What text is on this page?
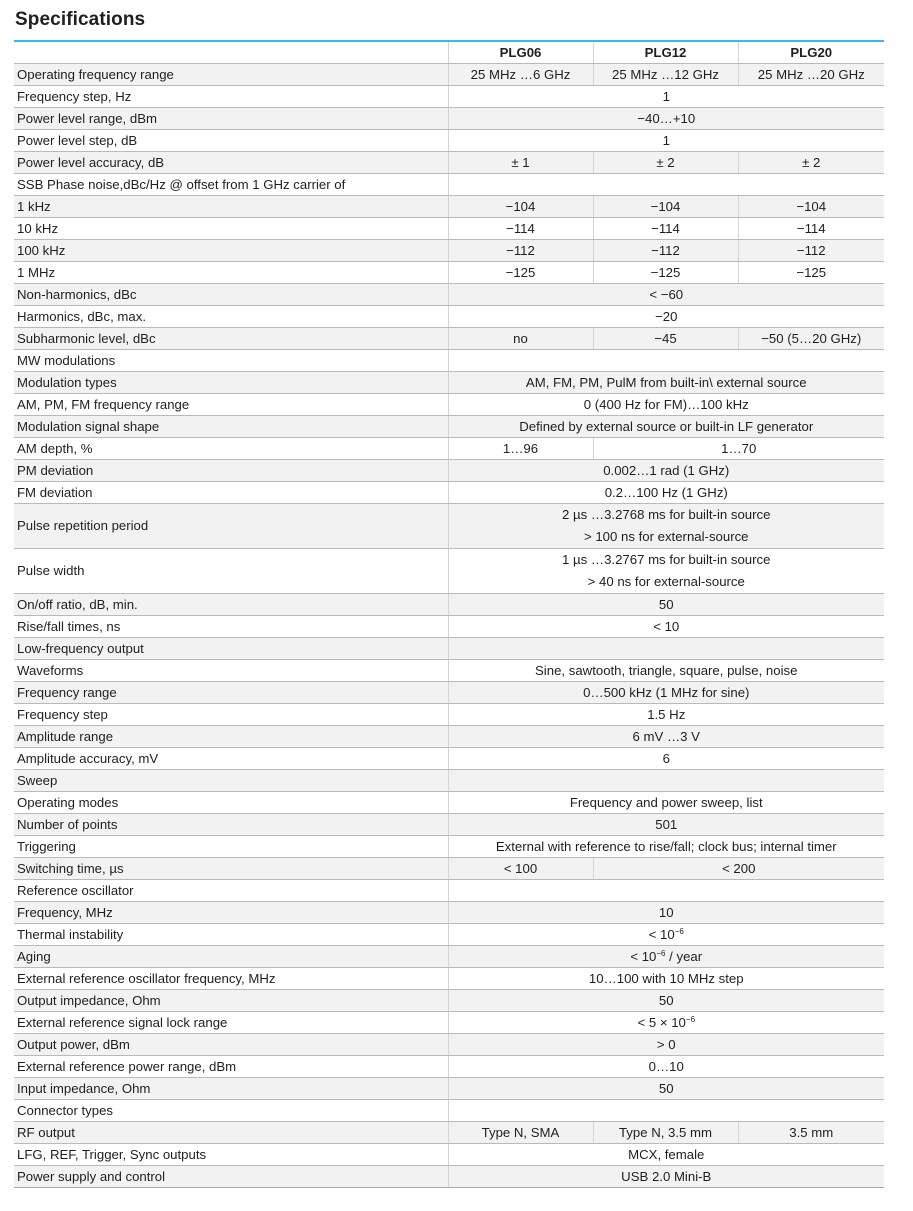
Specifications
	PLG06	PLG12	PLG20
Operating frequency range	25 MHz …6 GHz	25 MHz …12 GHz	25 MHz …20 GHz
Frequency step, Hz	1		
Power level range, dBm	−40…+10		
Power level step, dB	1		
Power level accuracy, dB	± 1	± 2	± 2
SSB Phase noise,dBc/Hz @ offset from 1 GHz carrier of			
1 kHz	−104	−104	−104
10 kHz	−114	−114	−114
100 kHz	−112	−112	−112
1 MHz	−125	−125	−125
Non-harmonics, dBc	< −60		
Harmonics, dBc, max.	−20		
Subharmonic level, dBc	no	−45	−50 (5…20 GHz)
MW modulations			
Modulation types	AM, FM, PM, PulM from built-in\ external source		
AM, PM, FM frequency range	0 (400 Hz for FM)…100 kHz		
Modulation signal shape	Defined by external source or built-in LF generator		
AM depth, %	1…96	1…70	
PM deviation	0.002…1 rad (1 GHz)		
FM deviation	0.2…100 Hz (1 GHz)		
Pulse repetition period	2 µs …3.2768 ms for built-in source
> 100 ns for external-source		
Pulse width	1 µs …3.2767 ms for built-in source
> 40 ns for external-source		
On/off ratio, dB, min.	50		
Rise/fall times, ns	< 10		
Low-frequency output			
Waveforms	Sine, sawtooth, triangle, square, pulse, noise		
Frequency range	0…500 kHz (1 MHz for sine)		
Frequency step	1.5 Hz		
Amplitude range	6 mV …3 V		
Amplitude accuracy, mV	6		
Sweep			
Operating modes	Frequency and power sweep, list		
Number of points	501		
Triggering	External with reference to rise/fall; clock bus; internal timer		
Switching time, µs	< 100	< 200	
Reference oscillator			
Frequency, MHz	10		
Thermal instability	< $10^{-6}$
Aging	< $10^{-6}$ / year		
External reference oscillator frequency, MHz	10…100 with 10 MHz step		
Output impedance, Ohm	50		
External reference signal lock range	< $5 \times 10^{-6}$
Output power, dBm	> 0		
External reference power range, dBm	0…10		
Input impedance, Ohm	50		
Connector types			
RF output	Type N, SMA	Type N, 3.5 mm	3.5 mm
LFG, REF, Trigger, Sync outputs	MCX, female		
Power supply and control	USB 2.0 Mini-B		
